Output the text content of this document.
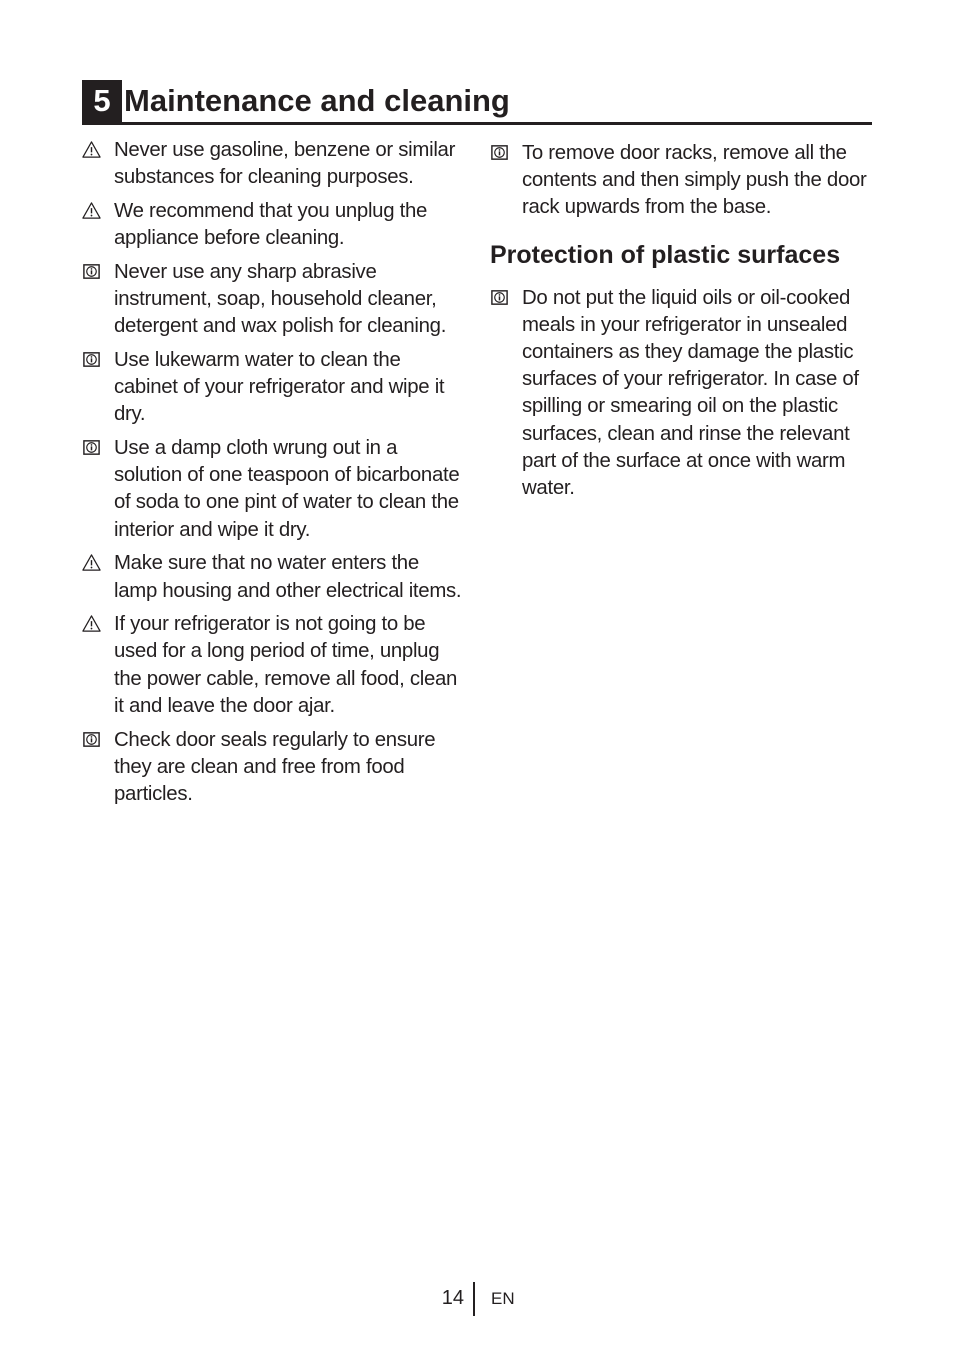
5 Maintenance and cleaning
Never use gasoline, benzene or similar substances for cleaning purposes.
We recommend that you unplug the appliance before cleaning.
Never use any sharp abrasive instrument, soap, household cleaner, detergent and wax polish for cleaning.
Use lukewarm water to clean the cabinet of your refrigerator and wipe it dry.
Use a damp cloth wrung out in a solution of one teaspoon of bicarbonate of soda to one pint of water to clean the interior and wipe it dry.
Make sure that no water enters the lamp housing and other electrical items.
If your refrigerator is not going to be used for a long period of time, unplug the power cable, remove all food, clean it and leave the door ajar.
Check door seals regularly to ensure they are clean and free from food particles.
To remove door racks, remove all the contents and then simply push the door rack upwards from the base.
Protection of plastic surfaces
Do not put the liquid oils or oil-cooked meals in your refrigerator in unsealed containers as they damage the plastic surfaces of your refrigerator. In case of spilling or smearing oil on the plastic surfaces, clean and rinse the relevant part of the surface at once with warm water.
14 EN
